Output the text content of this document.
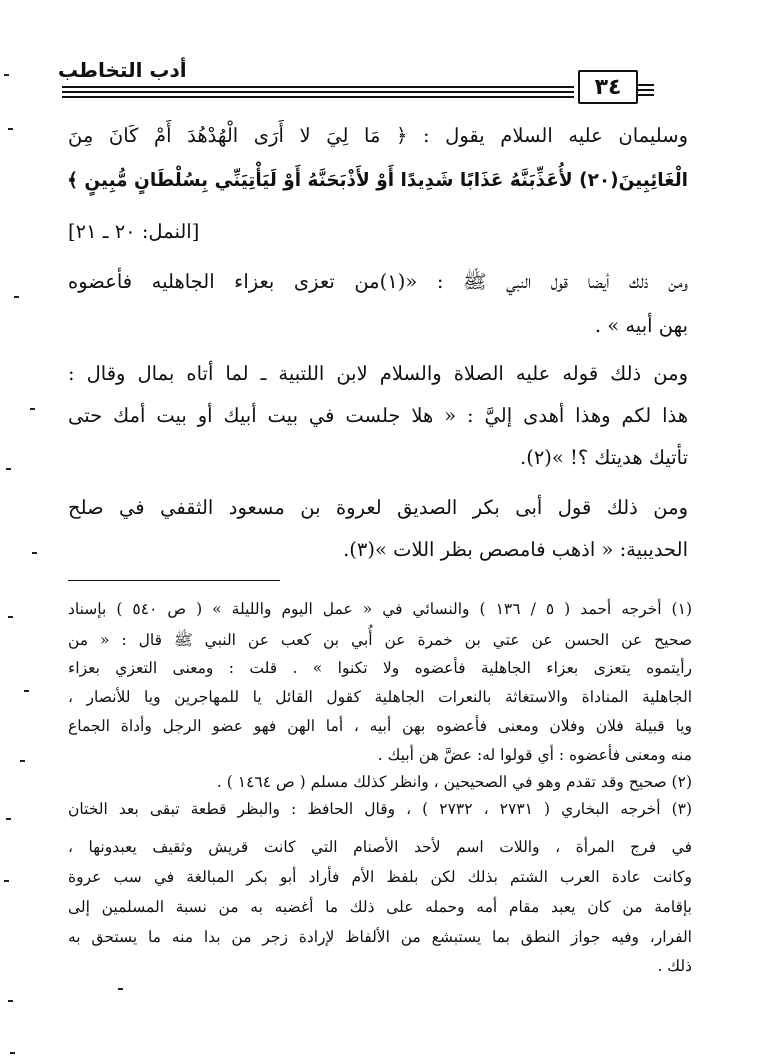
أدب التخاطب
٣٤
وسليمان عليه السلام يقول : ﴿ مَا لِيَ لا أَرَى الْهُدْهُدَ أَمْ كَانَ مِنَ
الْغَائِبِينَ(٢٠) لأُعَذِّبَنَّهُ عَذَابًا شَدِيدًا أَوْ لأَذْبَحَنَّهُ أَوْ لَيَأْتِيَنِّي بِسُلْطَانٍ مُّبِينٍ ﴾
[النمل: ٢٠ ـ ٢١]
ومن ذلك أيضا قول النبي ﷺ : «(١)من تعزى بعزاء الجاهليه فأعضوه
بهن أبيه » .
ومن ذلك قوله عليه الصلاة والسلام لابن اللتبية ـ لما أتاه بمال وقال :
هذا لكم وهذا أهدى إليَّ : « هلا جلست في بيت أبيك أو بيت أمك حتى
تأتيك هديتك ؟! »(٢).
ومن ذلك قول أبى بكر الصديق لعروة بن مسعود الثقفي في صلح
الحديبية: « اذهب فامصص بظر اللات »(٣).
(١) أخرجه أحمد ( ٥ / ١٣٦ ) والنسائي في « عمل اليوم والليلة » ( ص ٥٤٠ ) بإسناد
صحيح عن الحسن عن عتي بن خمرة عن أُبي بن كعب عن النبي ﷺ قال : « من
رأيتموه يتعزى بعزاء الجاهلية فأعضوه ولا تكنوا » . قلت : ومعنى التعزي بعزاء
الجاهلية المناداة والاستغاثة بالنعرات الجاهلية كقول القائل يا للمهاجرين ويا للأنصار ،
ويا قبيلة فلان وفلان ومعنى فأعضوه بهن أبيه ، أما الهن فهو عضو الرجل وأداة الجماع
منه ومعنى فأعضوه : أي قولوا له: عضَّ هن أبيك .
(٢) صحيح وقد تقدم وهو في الصحيحين ، وانظر كذلك مسلم ( ص ١٤٦٤ ) .
(٣) أخرجه البخاري ( ٢٧٣١ ، ٢٧٣٢ ) ، وقال الحافظ : والبظر قطعة تبقى بعد الختان
في فرج المرأة ، واللات اسم لأحد الأصنام التي كانت قريش وثقيف يعبدونها ،
وكانت عادة العرب الشتم بذلك لكن بلفظ الأم فأراد أبو بكر المبالغة في سب عروة
بإقامة من كان يعبد مقام أمه وحمله على ذلك ما أغضبه به من نسبة المسلمين إلى
الفرار، وفيه جواز النطق بما يستبشع من الألفاظ لإرادة زجر من بدا منه ما يستحق به
ذلك .
